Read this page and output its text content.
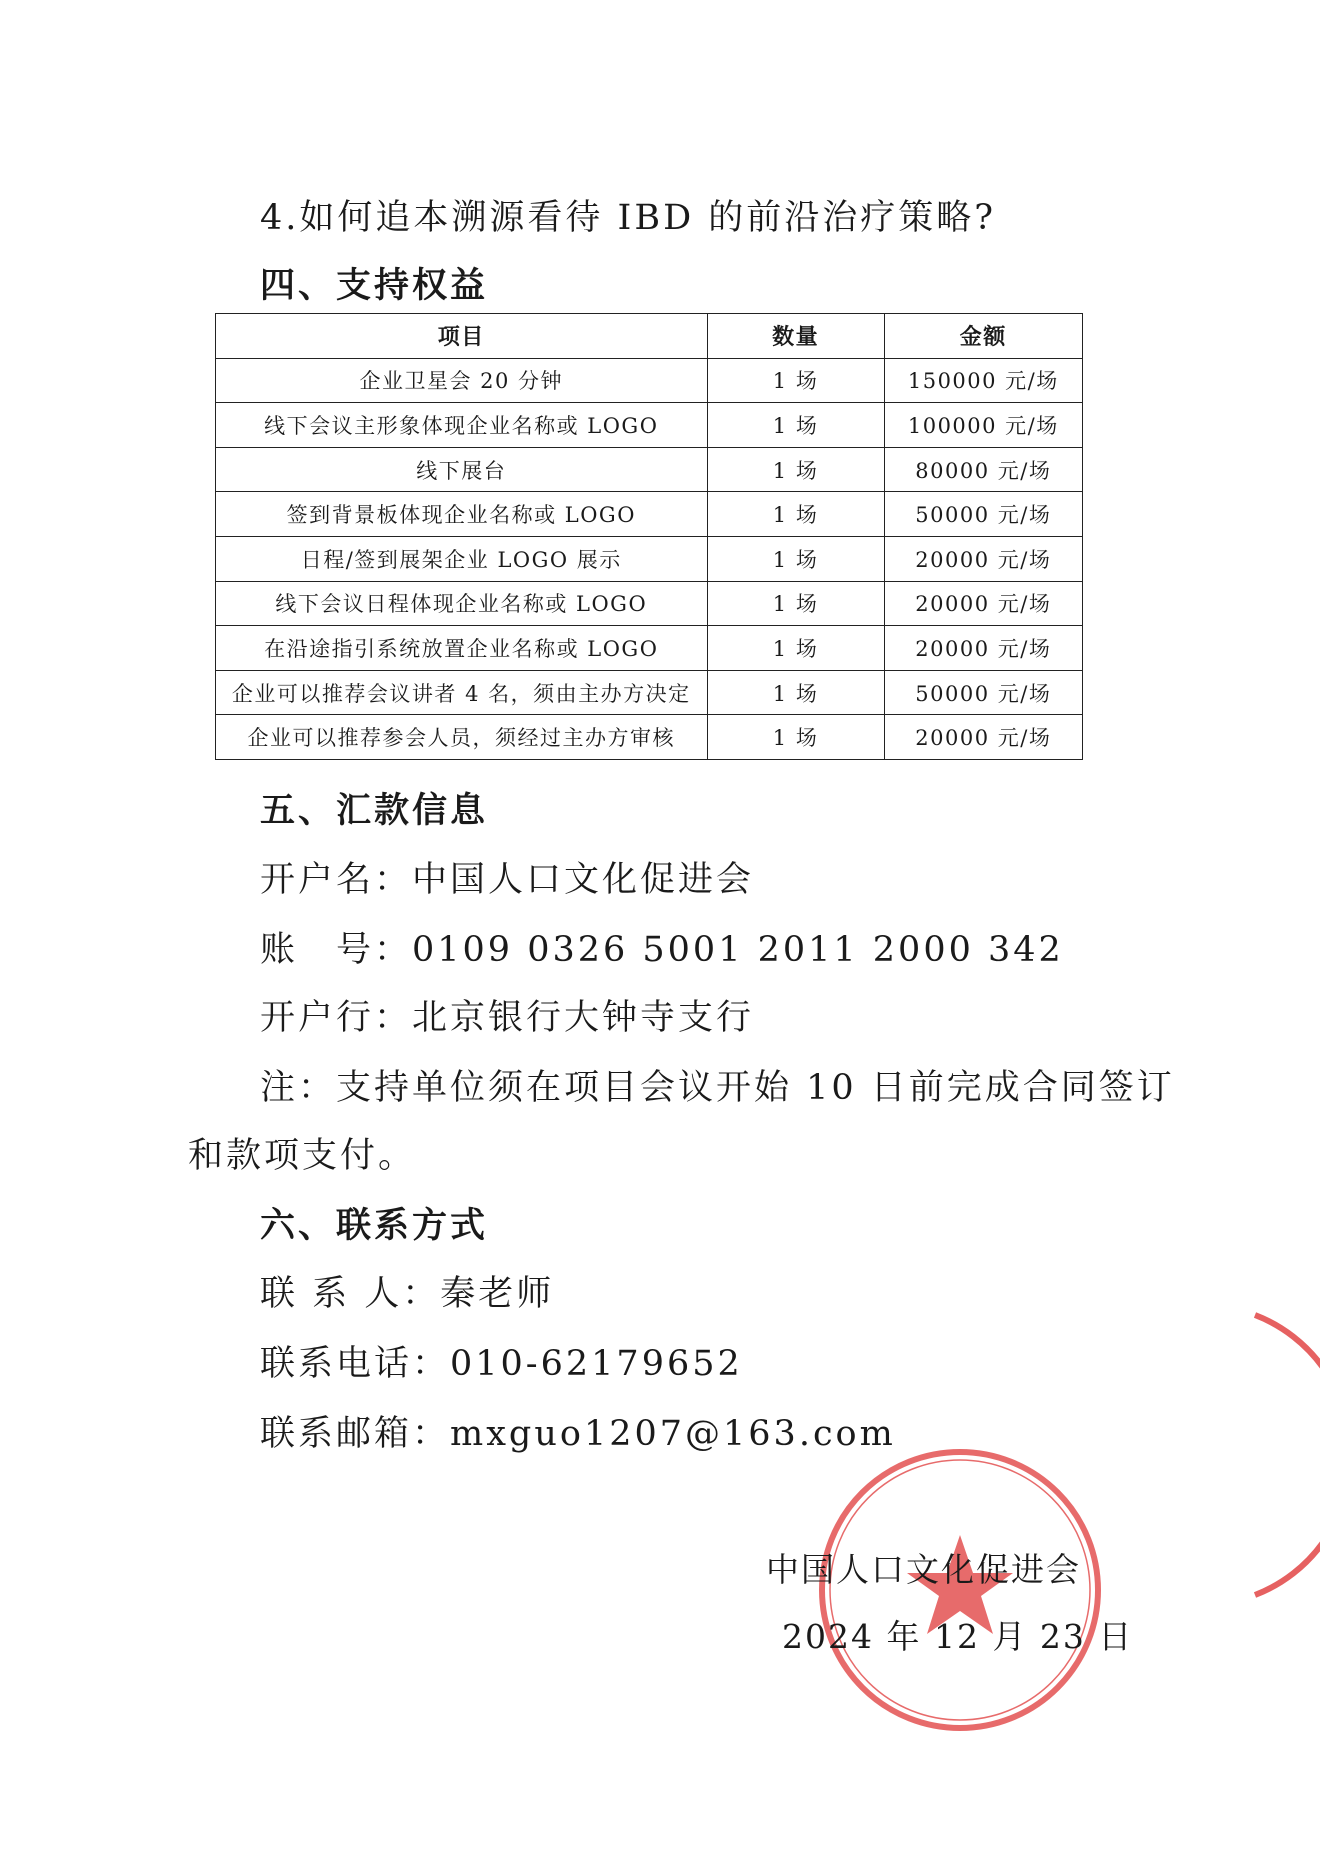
4.如何追本溯源看待 IBD 的前沿治疗策略?
四、支持权益
项目	数量	金额
企业卫星会 20 分钟	1 场	150000 元/场
线下会议主形象体现企业名称或 LOGO	1 场	100000 元/场
线下展台	1 场	80000 元/场
签到背景板体现企业名称或 LOGO	1 场	50000 元/场
日程/签到展架企业 LOGO 展示	1 场	20000 元/场
线下会议日程体现企业名称或 LOGO	1 场	20000 元/场
在沿途指引系统放置企业名称或 LOGO	1 场	20000 元/场
企业可以推荐会议讲者 4 名，须由主办方决定	1 场	50000 元/场
企业可以推荐参会人员，须经过主办方审核	1 场	20000 元/场
五、汇款信息
开户名：中国人口文化促进会
账　号：0109 0326 5001 2011 2000 342
开户行：北京银行大钟寺支行
注：支持单位须在项目会议开始 10 日前完成合同签订
和款项支付。
六、联系方式
联 系 人：秦老师
联系电话：010-62179652
联系邮箱：mxguo1207@163.com
中国人口文化促进会
2024 年 12 月 23 日
